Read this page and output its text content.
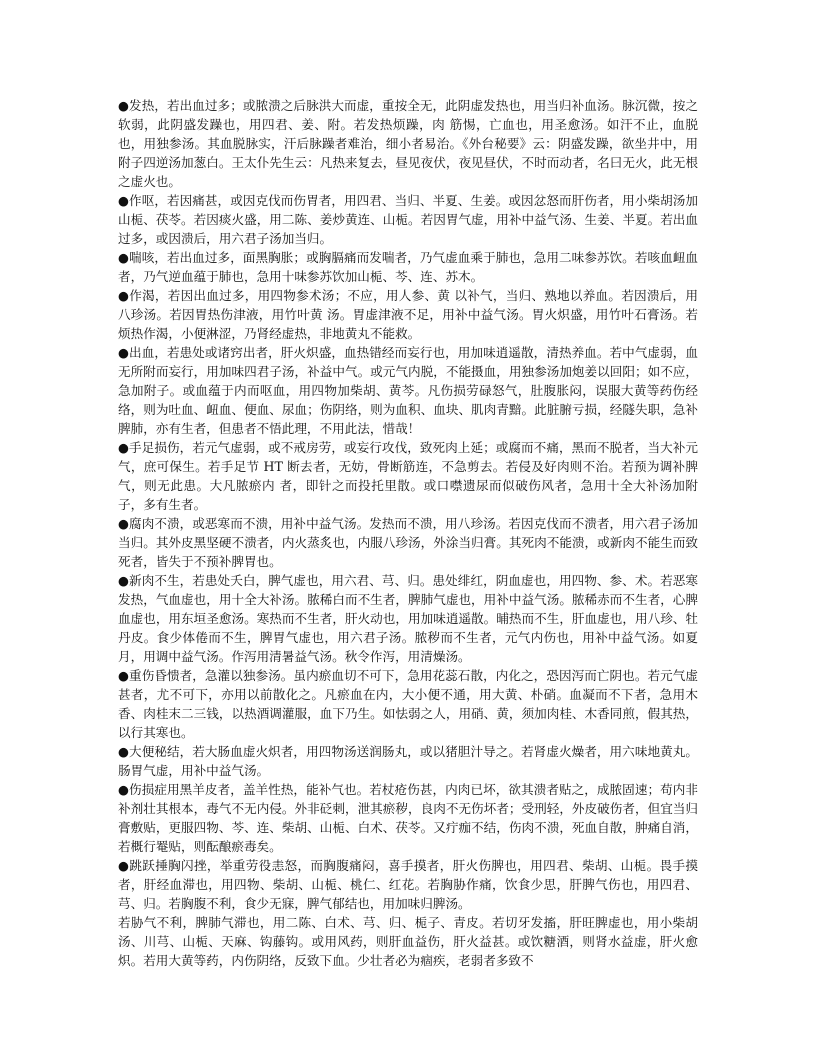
●发热，若出血过多；或脓溃之后脉洪大而虚，重按全无，此阴虚发热也，用当归补血汤。脉沉微，按之软弱，此阴盛发躁也，用四君、姜、附。若发热烦躁，肉 筋惕，亡血也，用圣愈汤。如汗不止，血脱也，用独参汤。其血脱脉实，汗后脉躁者难治，细小者易治。《外台秘要》云：阴盛发躁，欲坐井中，用附子四逆汤加葱白。王太仆先生云：凡热来复去，昼见夜伏，夜见昼伏，不时而动者，名曰无火，此无根之虚火也。

●作呕，若因痛甚，或因克伐而伤胃者，用四君、当归、半夏、生姜。或因忿怒而肝伤者，用小柴胡汤加山栀、茯苓。若因痰火盛，用二陈、姜炒黄连、山栀。若因胃气虚，用补中益气汤、生姜、半夏。若出血过多，或因溃后，用六君子汤加当归。

●喘咳，若出血过多，面黑胸胀；或胸膈痛而发喘者，乃气虚血乘于肺也，急用二味参苏饮。若咳血衄血者，乃气逆血蕴于肺也，急用十味参苏饮加山栀、芩、连、苏木。

●作渴，若因出血过多，用四物参术汤；不应，用人参、黄 以补气，当归、熟地以养血。若因溃后，用八珍汤。若因胃热伤津液，用竹叶黄 汤。胃虚津液不足，用补中益气汤。胃火炽盛，用竹叶石膏汤。若烦热作渴，小便淋涩，乃肾经虚热，非地黄丸不能救。

●出血，若患处或诸窍出者，肝火炽盛，血热错经而妄行也，用加味逍遥散，清热养血。若中气虚弱，血无所附而妄行，用加味四君子汤，补益中气。或元气内脱，不能摄血，用独参汤加炮姜以回阳；如不应，急加附子。或血蕴于内而呕血，用四物加柴胡、黄芩。凡伤损劳碌怒气，肚腹胀闷，误服大黄等药伤经络，则为吐血、衄血、便血、尿血；伤阴络，则为血积、血块、肌肉青黯。此脏腑亏损，经隧失职，急补脾肺，亦有生者，但患者不悟此理，不用此法，惜哉！

●手足损伤，若元气虚弱，或不戒房劳，或妄行攻伐，致死肉上延；或腐而不痛，黑而不脱者，当大补元气，庶可保生。若手足节 HT 断去者，无妨，骨断筋连，不急剪去。若侵及好肉则不治。若预为调补脾气，则无此患。大凡脓瘀内 者，即针之而投托里散。或口噤遗尿而似破伤风者，急用十全大补汤加附子，多有生者。

●腐肉不溃，或恶寒而不溃，用补中益气汤。发热而不溃，用八珍汤。若因克伐而不溃者，用六君子汤加当归。其外皮黑坚硬不溃者，内火蒸炙也，内服八珍汤，外涂当归膏。其死肉不能溃，或新肉不能生而致死者，皆失于不预补脾胃也。

●新肉不生，若患处夭白，脾气虚也，用六君、芎、归。患处绯红，阴血虚也，用四物、参、术。若恶寒发热，气血虚也，用十全大补汤。脓稀白而不生者，脾肺气虚也，用补中益气汤。脓稀赤而不生者，心脾血虚也，用东垣圣愈汤。寒热而不生者，肝火动也，用加味逍遥散。晡热而不生，肝血虚也，用八珍、牡丹皮。食少体倦而不生，脾胃气虚也，用六君子汤。脓秽而不生者，元气内伤也，用补中益气汤。如夏月，用调中益气汤。作泻用清暑益气汤。秋令作泻，用清燥汤。

●重伤昏愦者，急灌以独参汤。虽内瘀血切不可下，急用花蕊石散，内化之，恐因泻而亡阴也。若元气虚甚者，尤不可下，亦用以前散化之。凡瘀血在内，大小便不通，用大黄、朴硝。血凝而不下者，急用木香、肉桂末二三钱，以热酒调灌服，血下乃生。如怯弱之人，用硝、黄，须加肉桂、木香同煎，假其热，以行其寒也。

●大便秘结，若大肠血虚火炽者，用四物汤送润肠丸，或以猪胆汁导之。若肾虚火燥者，用六味地黄丸。肠胃气虚，用补中益气汤。

●伤损症用黑羊皮者，盖羊性热，能补气也。若杖疮伤甚，内肉已坏，欲其溃者贴之，成脓固速；苟内非补剂壮其根本，毒气不无内侵。外非砭刺，泄其瘀秽，良肉不无伤坏者；受刑轻，外皮破伤者，但宜当归膏敷贴，更服四物、芩、连、柴胡、山栀、白术、茯苓。又疔痂不结，伤肉不溃，死血自散，肿痛自消，若概行罨贴，则酝酿瘀毒矣。

●跳跃捶胸闪挫，举重劳役恚怒，而胸腹痛闷，喜手摸者，肝火伤脾也，用四君、柴胡、山栀。畏手摸者，肝经血滞也，用四物、柴胡、山栀、桃仁、红花。若胸胁作痛，饮食少思，肝脾气伤也，用四君、芎、归。若胸腹不利，食少无寐，脾气郁结也，用加味归脾汤。

若胁气不利，脾肺气滞也，用二陈、白术、芎、归、栀子、青皮。若切牙发搐，肝旺脾虚也，用小柴胡汤、川芎、山栀、天麻、钩藤钩。或用风药，则肝血益伤，肝火益甚。或饮糖酒，则肾水益虚，肝火愈炽。若用大黄等药，内伤阴络，反致下血。少壮者必为痼疾，老弱者多致不
